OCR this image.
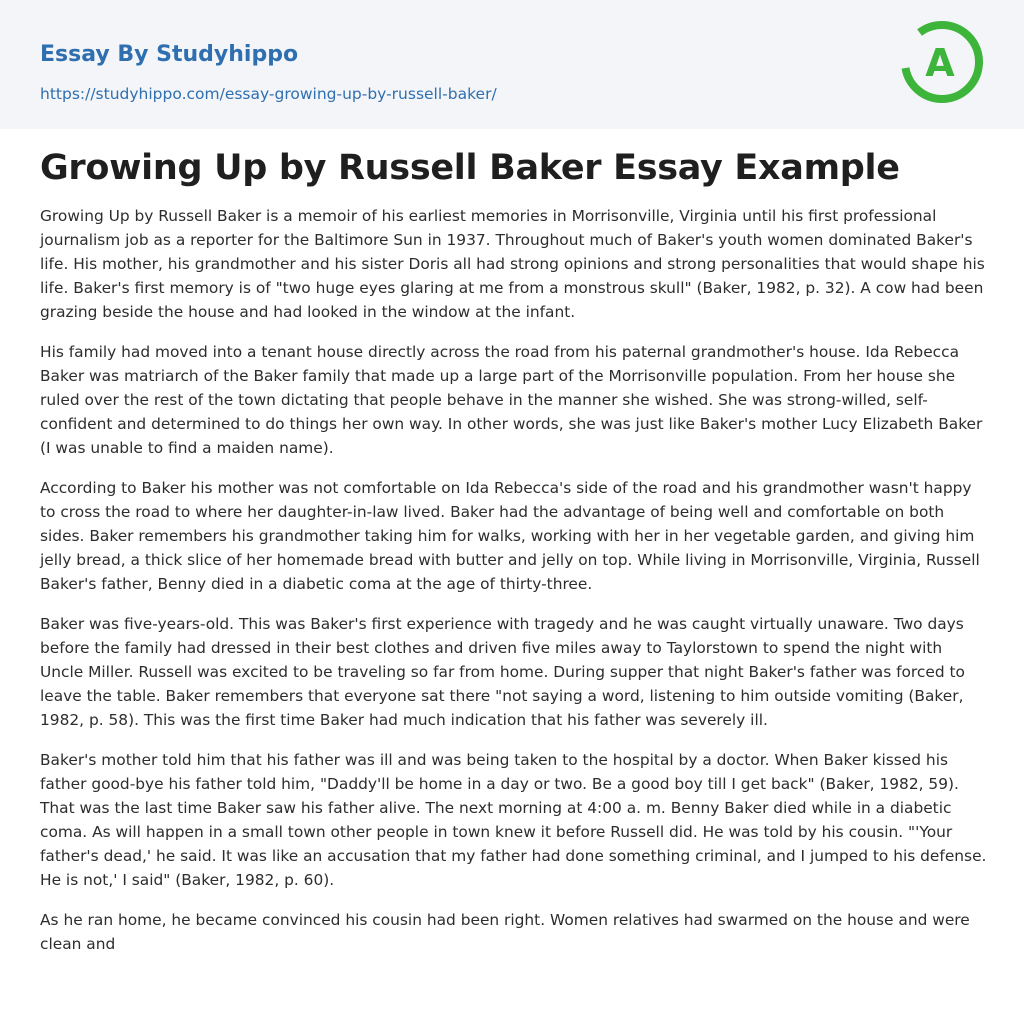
Essay By Studyhippo
https://studyhippo.com/essay-growing-up-by-russell-baker/
A
Growing Up by Russell Baker Essay Example

Growing Up by Russell Baker is a memoir of his earliest memories in Morrisonville, Virginia until his first professional journalism job as a reporter for the Baltimore Sun in 1937. Throughout much of Baker's youth women dominated Baker's life. His mother, his grandmother and his sister Doris all had strong opinions and strong personalities that would shape his life. Baker's first memory is of "two huge eyes glaring at me from a monstrous skull" (Baker, 1982, p. 32). A cow had been grazing beside the house and had looked in the window at the infant.

His family had moved into a tenant house directly across the road from his paternal grandmother's house. Ida Rebecca Baker was matriarch of the Baker family that made up a large part of the Morrisonville population. From her house she ruled over the rest of the town dictating that people behave in the manner she wished. She was strong-willed, self-confident and determined to do things her own way. In other words, she was just like Baker's mother Lucy Elizabeth Baker (I was unable to find a maiden name).

According to Baker his mother was not comfortable on Ida Rebecca's side of the road and his grandmother wasn't happy to cross the road to where her daughter-in-law lived. Baker had the advantage of being well and comfortable on both sides. Baker remembers his grandmother taking him for walks, working with her in her vegetable garden, and giving him jelly bread, a thick slice of her homemade bread with butter and jelly on top. While living in Morrisonville, Virginia, Russell Baker's father, Benny died in a diabetic coma at the age of thirty-three.

Baker was five-years-old. This was Baker's first experience with tragedy and he was caught virtually unaware. Two days before the family had dressed in their best clothes and driven five miles away to Taylorstown to spend the night with Uncle Miller. Russell was excited to be traveling so far from home. During supper that night Baker's father was forced to leave the table. Baker remembers that everyone sat there "not saying a word, listening to him outside vomiting (Baker, 1982, p. 58). This was the first time Baker had much indication that his father was severely ill.

Baker's mother told him that his father was ill and was being taken to the hospital by a doctor. When Baker kissed his father good-bye his father told him, "Daddy'll be home in a day or two. Be a good boy till I get back" (Baker, 1982, 59). That was the last time Baker saw his father alive. The next morning at 4:00 a. m. Benny Baker died while in a diabetic coma. As will happen in a small town other people in town knew it before Russell did. He was told by his cousin. "'Your father's dead,' he said. It was like an accusation that my father had done something criminal, and I jumped to his defense. He is not,' I said" (Baker, 1982, p. 60).

As he ran home, he became convinced his cousin had been right. Women relatives had swarmed on the house and were clean and
